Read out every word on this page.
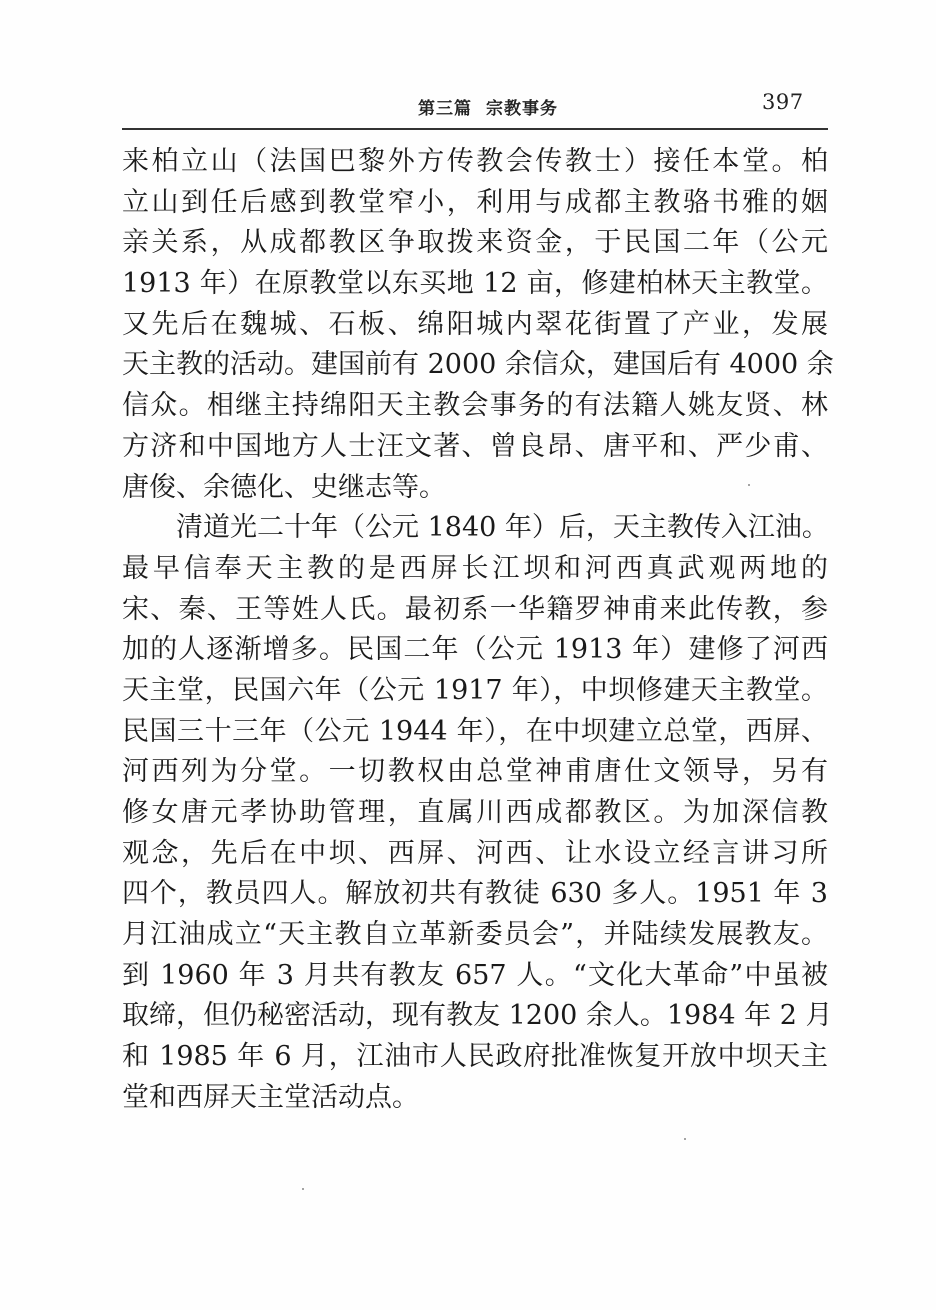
第三篇 宗教事务	397
来柏立山（法国巴黎外方传教会传教士）接任本堂。柏
立山到任后感到教堂窄小，利用与成都主教骆书雅的姻
亲关系，从成都教区争取拨来资金，于民国二年（公元
1913 年）在原教堂以东买地 12 亩，修建柏林天主教堂。
又先后在魏城、石板、绵阳城内翠花街置了产业，发展
天主教的活动。建国前有 2000 余信众，建国后有 4000 余
信众。相继主持绵阳天主教会事务的有法籍人姚友贤、林
方济和中国地方人士汪文著、曾良昂、唐平和、严少甫、
唐俊、余德化、史继志等。
　　清道光二十年（公元 1840 年）后，天主教传入江油。
最早信奉天主教的是西屏长江坝和河西真武观两地的
宋、秦、王等姓人氏。最初系一华籍罗神甫来此传教，参
加的人逐渐增多。民国二年（公元 1913 年）建修了河西
天主堂，民国六年（公元 1917 年），中坝修建天主教堂。
民国三十三年（公元 1944 年），在中坝建立总堂，西屏、
河西列为分堂。一切教权由总堂神甫唐仕文领导，另有
修女唐元孝协助管理，直属川西成都教区。为加深信教
观念，先后在中坝、西屏、河西、让水设立经言讲习所
四个，教员四人。解放初共有教徒 630 多人。1951 年 3
月江油成立“天主教自立革新委员会”，并陆续发展教友。
到 1960 年 3 月共有教友 657 人。“文化大革命”中虽被
取缔，但仍秘密活动，现有教友 1200 余人。1984 年 2 月
和 1985 年 6 月，江油市人民政府批准恢复开放中坝天主
堂和西屏天主堂活动点。
